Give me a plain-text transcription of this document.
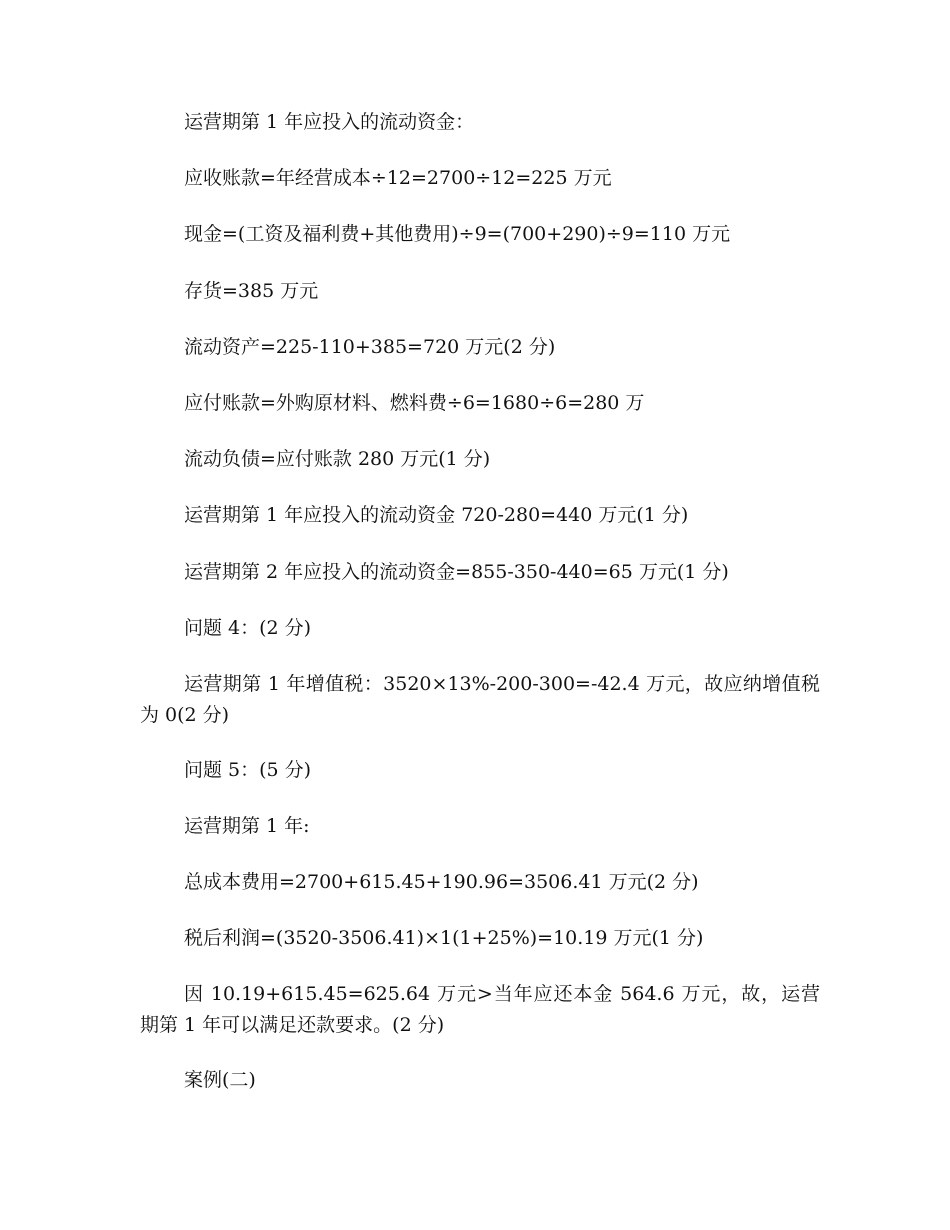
运营期第 1 年应投入的流动资金：

应收账款=年经营成本÷12=2700÷12=225 万元

现金=(工资及福利费+其他费用)÷9=(700+290)÷9=110 万元

存货=385 万元

流动资产=225-110+385=720 万元(2 分)

应付账款=外购原材料、燃料费÷6=1680÷6=280 万

流动负债=应付账款 280 万元(1 分)

运营期第 1 年应投入的流动资金 720-280=440 万元(1 分)

运营期第 2 年应投入的流动资金=855-350-440=65 万元(1 分)

问题 4：(2 分)

运营期第 1 年增值税：3520×13%-200-300=-42.4 万元，故应纳增值税为 0(2 分)

问题 5：(5 分)

运营期第 1 年:

总成本费用=2700+615.45+190.96=3506.41 万元(2 分)

税后利润=(3520-3506.41)×1(1+25%)=10.19 万元(1 分)

因 10.19+615.45=625.64 万元>当年应还本金 564.6 万元，故，运营期第 1 年可以满足还款要求。(2 分)

案例(二)
